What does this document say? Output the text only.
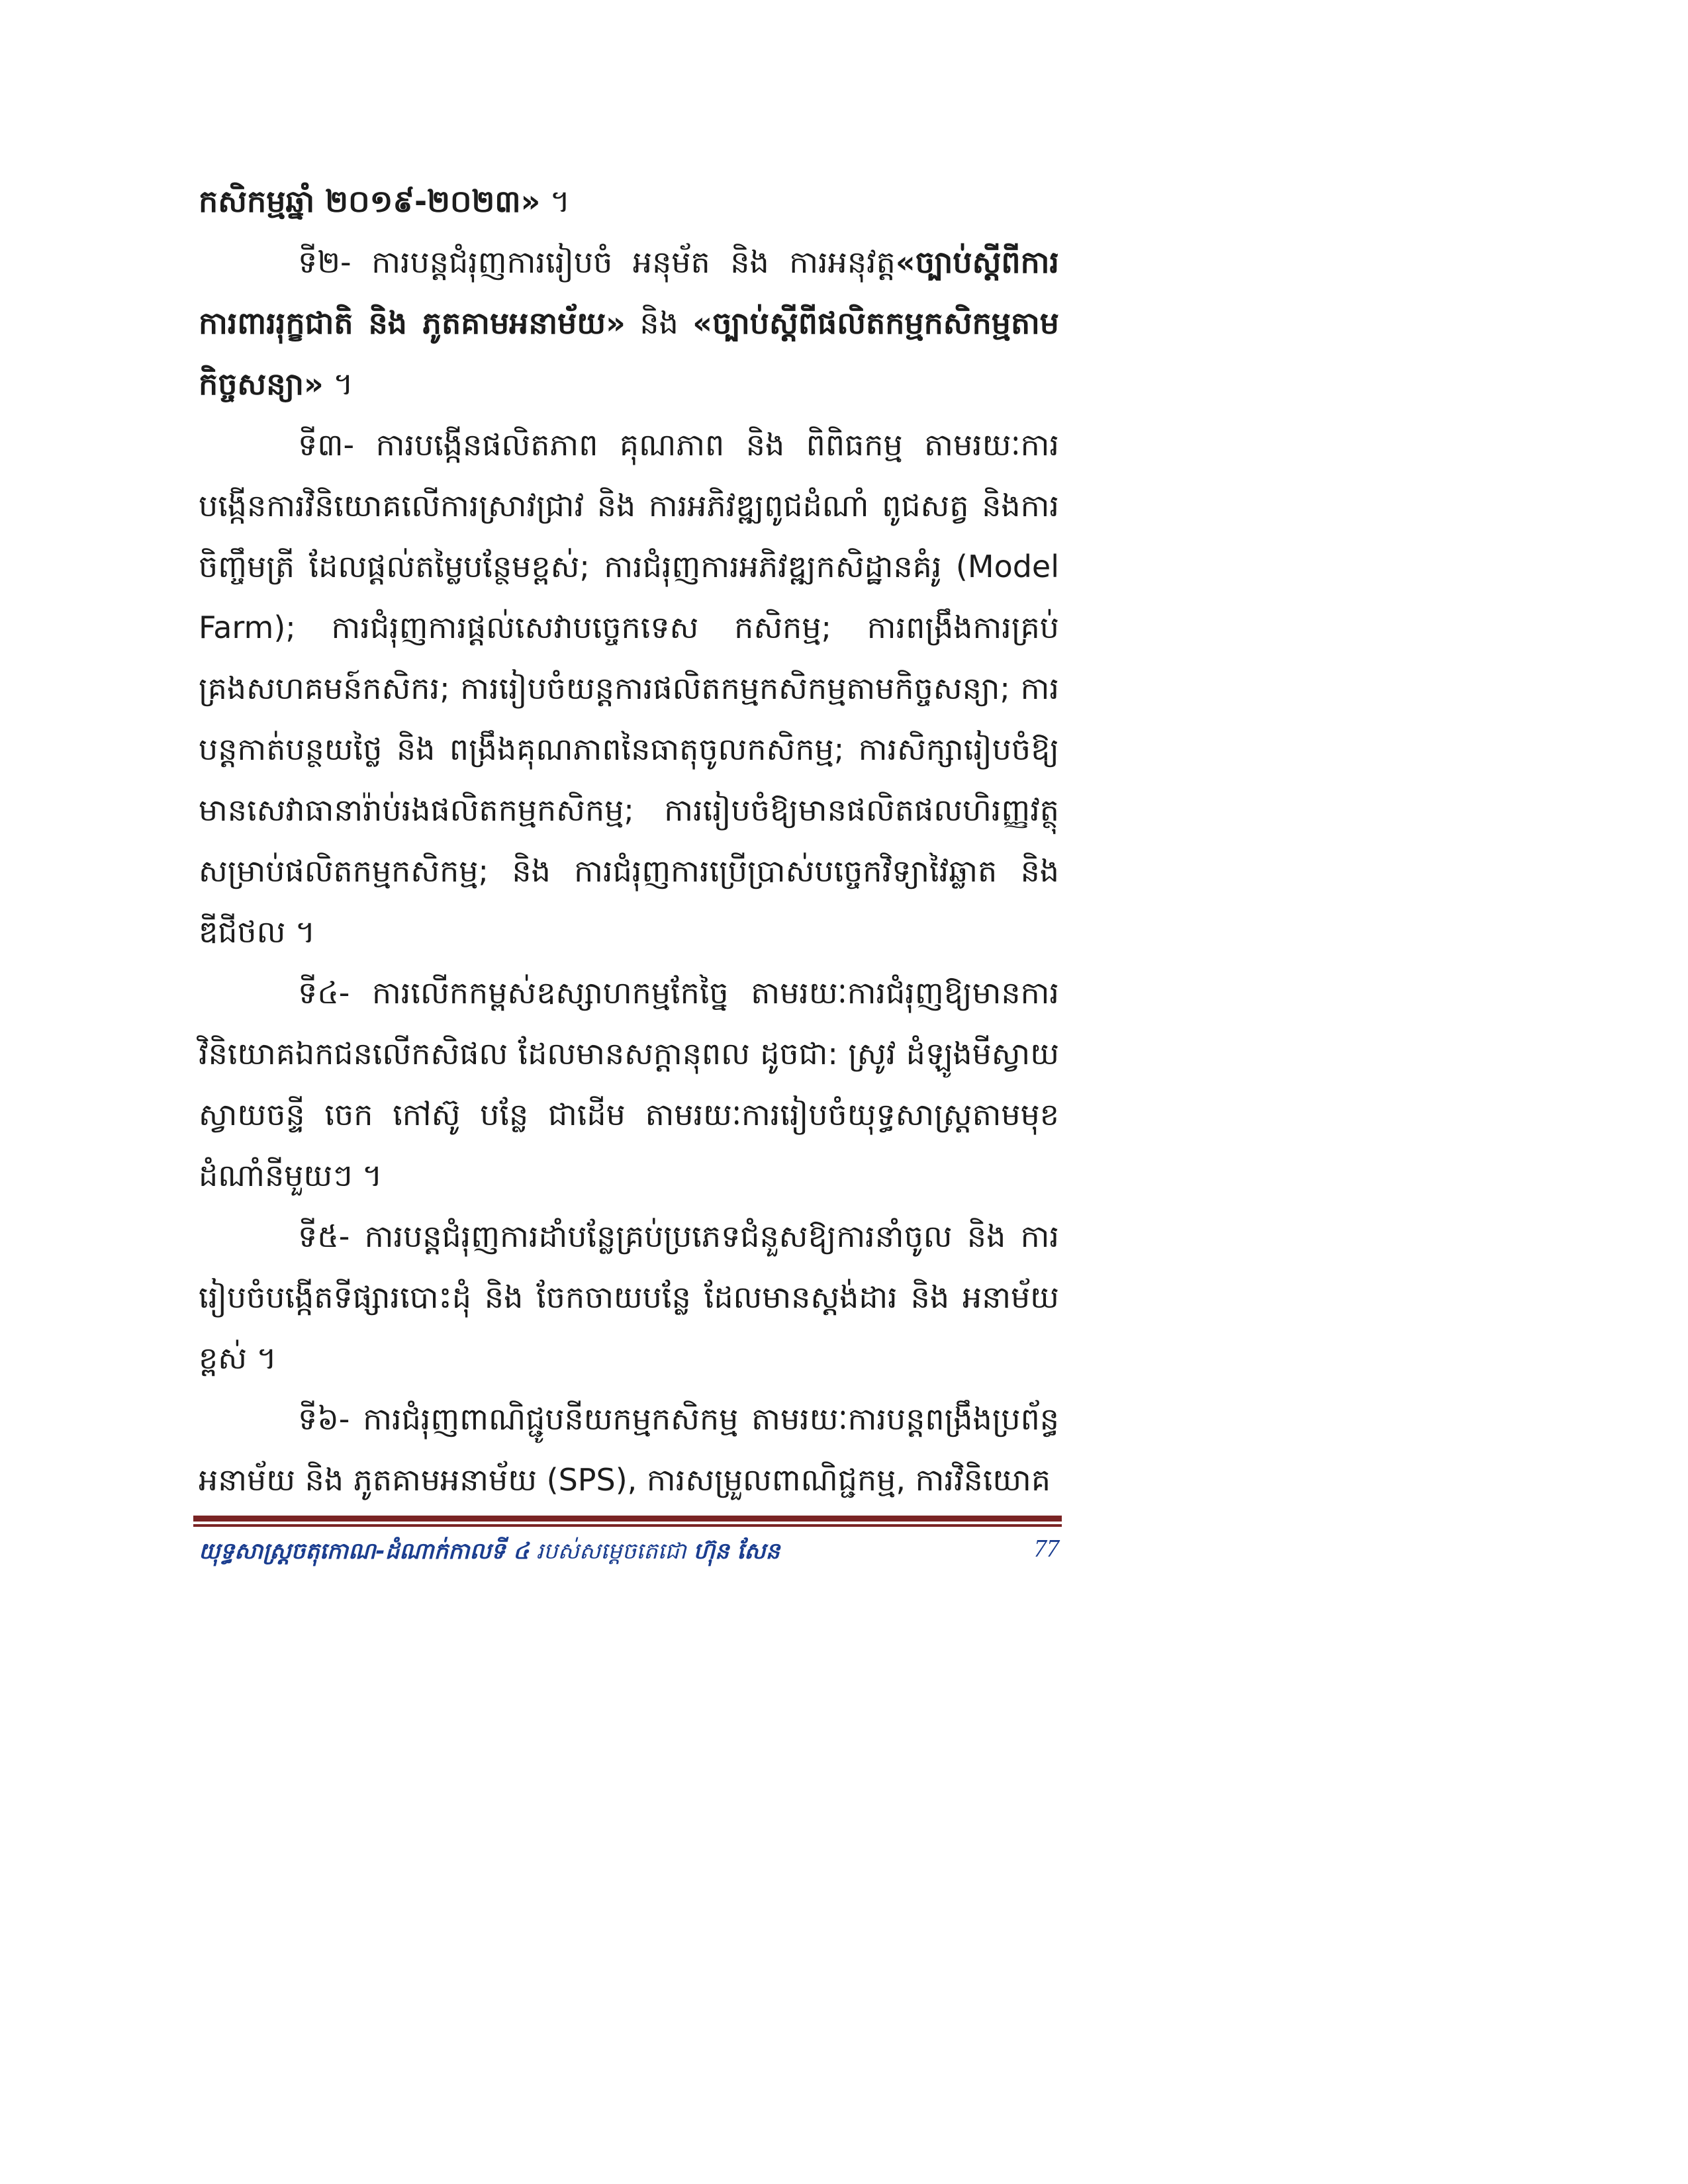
កសិកម្មឆ្នាំ ២០១៩-២០២៣» ។

ទី២- ការបន្តជំរុញការរៀបចំ អនុម័ត និង ការអនុវត្ត«ច្បាប់ស្តីពីការការពាររុក្ខជាតិ និង ភូតគាមអនាម័យ» និង «ច្បាប់ស្តីពីផលិតកម្មកសិកម្មតាមកិច្ចសន្យា» ។

ទី៣- ការបង្កើនផលិតភាព គុណភាព និង ពិពិធកម្ម តាមរយៈការបង្កើនការវិនិយោគលើការស្រាវជ្រាវ និង ការអភិវឌ្ឍពូជដំណាំ ពូជសត្វ និងការចិញ្ចឹមត្រី ដែលផ្តល់តម្លៃបន្ថែមខ្ពស់; ការជំរុញការអភិវឌ្ឍកសិដ្ឋានគំរូ (Model Farm); ការជំរុញការផ្តល់សេវាបច្ចេកទេស កសិកម្ម; ការពង្រឹងការគ្រប់គ្រងសហគមន៍កសិករ; ការរៀបចំយន្តការផលិតកម្មកសិកម្មតាមកិច្ចសន្យា; ការបន្តកាត់បន្ថយថ្លៃ និង ពង្រឹងគុណភាពនៃធាតុចូលកសិកម្ម; ការសិក្សារៀបចំឱ្យមានសេវាធានារ៉ាប់រងផលិតកម្មកសិកម្ម; ការរៀបចំឱ្យមានផលិតផលហិរញ្ញវត្ថុ សម្រាប់ផលិតកម្មកសិកម្ម; និង ការជំរុញការប្រើប្រាស់បច្ចេកវិទ្យាវៃឆ្លាត និង ឌីជីថល ។

ទី៤- ការលើកកម្ពស់ឧស្សាហកម្មកែច្នៃ តាមរយៈការជំរុញឱ្យមានការវិនិយោគឯកជនលើកសិផល ដែលមានសក្តានុពល ដូចជា: ស្រូវ ដំឡូងមីស្វាយ ស្វាយចន្ទី ចេក កៅស៊ូ បន្លែ ជាដើម តាមរយៈការរៀបចំយុទ្ធសាស្ត្រតាមមុខដំណាំនីមួយៗ ។

ទី៥- ការបន្តជំរុញការដាំបន្លែគ្រប់ប្រភេទជំនួសឱ្យការនាំចូល និង ការរៀបចំបង្កើតទីផ្សារបោះដុំ និង ចែកចាយបន្លែ ដែលមានស្តង់ដារ និង អនាម័យខ្ពស់ ។

ទី៦- ការជំរុញពាណិជ្ជូបនីយកម្មកសិកម្ម តាមរយៈការបន្តពង្រឹងប្រព័ន្ធអនាម័យ និង ភូតគាមអនាម័យ (SPS), ការសម្រួលពាណិជ្ជកម្ម, ការវិនិយោគ

យុទ្ធសាស្ត្រចតុកោណ-ដំណាក់កាលទី ៤ របស់សម្តេចតេជោ ហ៊ុន សែន	77
